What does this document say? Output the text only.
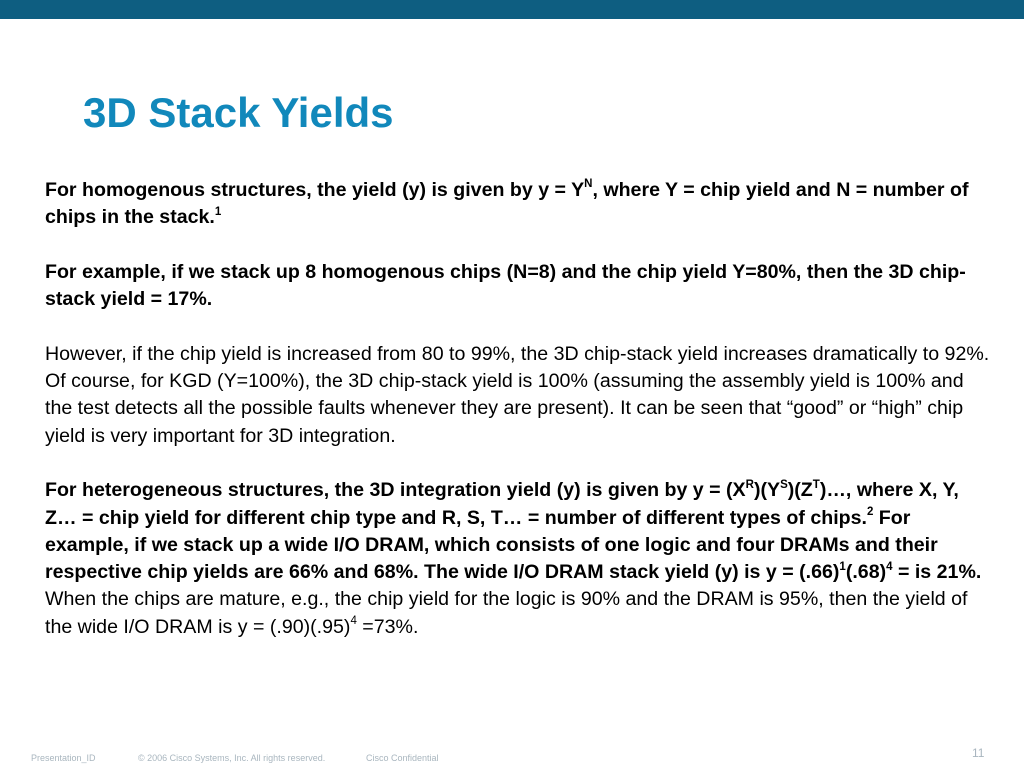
3D Stack Yields

For homogenous structures, the yield (y) is given by $y = Y^N$, where Y = chip yield and N = number of chips in the stack.$^1$

For example, if we stack up 8 homogenous chips (N=8) and the chip yield Y=80%, then the 3D chip-stack yield = 17%.

However, if the chip yield is increased from 80 to 99%, the 3D chip-stack yield increases dramatically to 92%. Of course, for KGD (Y=100%), the 3D chip-stack yield is 100% (assuming the assembly yield is 100% and the test detects all the possible faults whenever they are present). It can be seen that “good” or “high” chip yield is very important for 3D integration.

For heterogeneous structures, the 3D integration yield (y) is given by $y = (X^R)(Y^S)(Z^T)\dots$, where X, Y, Z… = chip yield for different chip type and R, S, T… = number of different types of chips.$^2$ For example, if we stack up a wide I/O DRAM, which consists of one logic and four DRAMs and their respective chip yields are 66% and 68%. The wide I/O DRAM stack yield (y) is $y = (.66)^1(.68)^4$ = is 21%. When the chips are mature, e.g., the chip yield for the logic is 90% and the DRAM is 95%, then the yield of the wide I/O DRAM is $y = (.90)(.95)^4 =73\%$.

Presentation_ID	© 2006 Cisco Systems, Inc. All rights reserved.	Cisco Confidential	11
